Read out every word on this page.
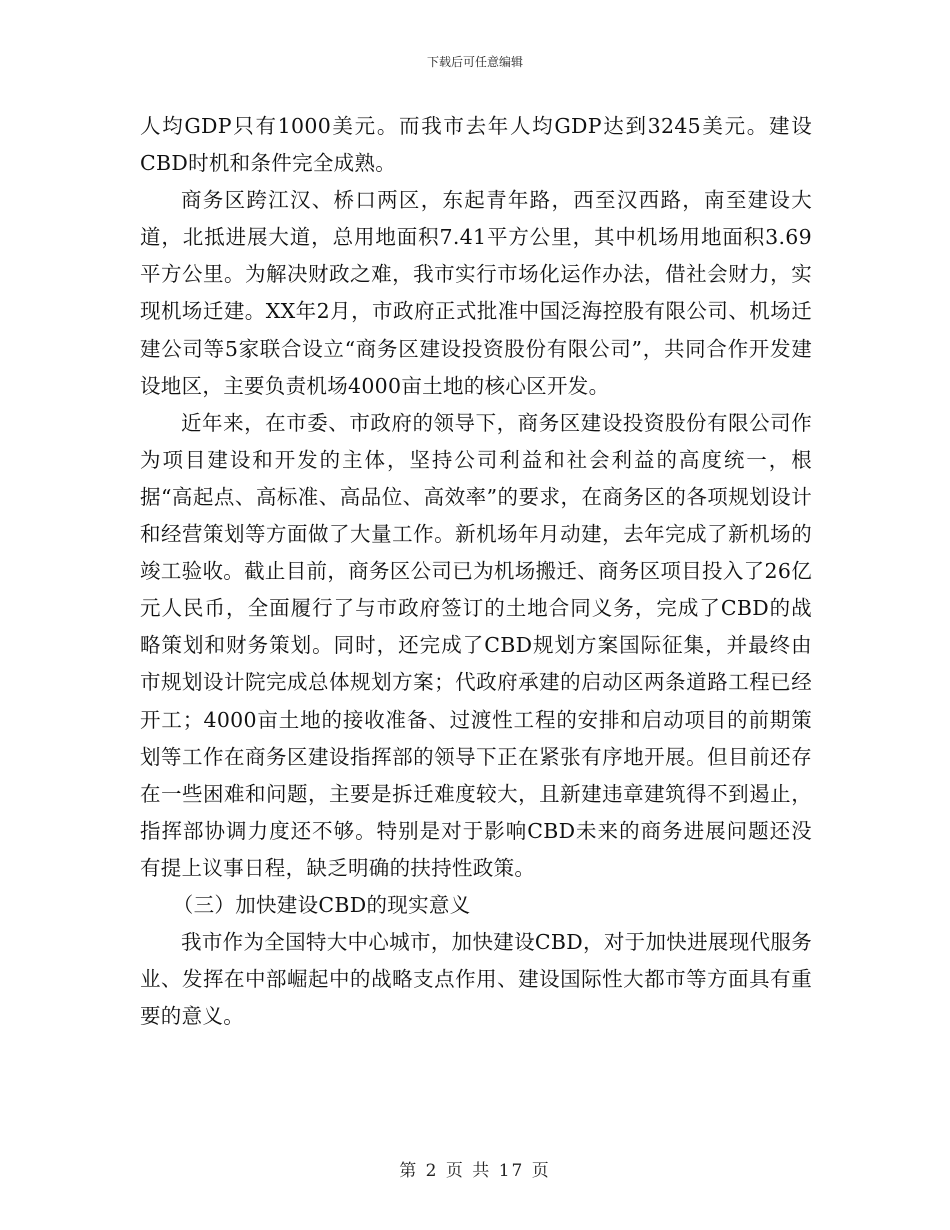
下载后可任意编辑

人均GDP只有1000美元。而我市去年人均GDP达到3245美元。建设CBD时机和条件完全成熟。

商务区跨江汉、桥口两区，东起青年路，西至汉西路，南至建设大道，北抵进展大道，总用地面积7.41平方公里，其中机场用地面积3.69平方公里。为解决财政之难，我市实行市场化运作办法，借社会财力，实现机场迁建。XX年2月，市政府正式批准中国泛海控股有限公司、机场迁建公司等5家联合设立“商务区建设投资股份有限公司”，共同合作开发建设地区，主要负责机场4000亩土地的核心区开发。

近年来，在市委、市政府的领导下，商务区建设投资股份有限公司作为项目建设和开发的主体，坚持公司利益和社会利益的高度统一，根据“高起点、高标准、高品位、高效率”的要求，在商务区的各项规划设计和经营策划等方面做了大量工作。新机场年月动建，去年完成了新机场的竣工验收。截止目前，商务区公司已为机场搬迁、商务区项目投入了26亿元人民币，全面履行了与市政府签订的土地合同义务，完成了CBD的战略策划和财务策划。同时，还完成了CBD规划方案国际征集，并最终由市规划设计院完成总体规划方案；代政府承建的启动区两条道路工程已经开工；4000亩土地的接收准备、过渡性工程的安排和启动项目的前期策划等工作在商务区建设指挥部的领导下正在紧张有序地开展。但目前还存在一些困难和问题，主要是拆迁难度较大，且新建违章建筑得不到遏止，指挥部协调力度还不够。特别是对于影响CBD未来的商务进展问题还没有提上议事日程，缺乏明确的扶持性政策。

（三）加快建设CBD的现实意义

我市作为全国特大中心城市，加快建设CBD，对于加快进展现代服务业、发挥在中部崛起中的战略支点作用、建设国际性大都市等方面具有重要的意义。

第 2 页 共 17 页
